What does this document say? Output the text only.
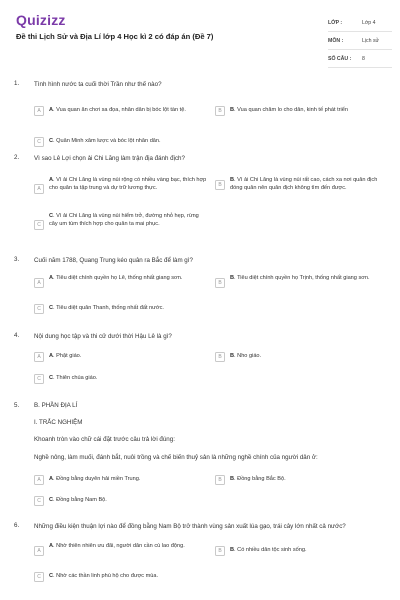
Quizizz
Đề thi Lịch Sử và Địa Lí lớp 4 Học kì 2 có đáp án (Đề 7)
LỚP :	Lớp 4
MÔN :	Lịch sử
SỐ CÂU :	8
1. Tình hình nước ta cuối thời Trần như thế nào?
A	A. Vua quan ăn chơi sa đọa, nhân dân bị bóc lột tàn tệ.	B	B. Vua quan chăm lo cho dân, kinh tế phát triển
C	C. Quân Minh xâm lược và bóc lột nhân dân.
2. Vì sao Lê Lợi chọn ải Chi Lăng làm trận địa đánh địch?
A
A. Vì ải Chi Lăng là vùng núi rộng có nhiều vàng bạc, thích hợp cho quân ta tập trung và dự trữ lương thực.	B
B. Vì ải Chi Lăng là vùng núi rất cao, cách xa nơi quân địch đóng quân nên quân địch không tìm đến được.
C
C. Vì ải Chi Lăng là vùng núi hiểm trở, đường nhỏ hẹp, rừng cây um tùm thích hợp cho quân ta mai phục.
3. Cuối năm 1788, Quang Trung kéo quân ra Bắc để làm gì?
A
A. Tiêu diệt chính quyền họ Lê, thống nhất giang sơn.
B
B. Tiêu diệt chính quyền họ Trịnh, thống nhất giang sơn.
C	C. Tiêu diệt quân Thanh, thống nhất đất nước.
4. Nội dung học tập và thi cử dưới thời Hậu Lê là gì?
A	A. Phật giáo.	B	B. Nho giáo.
C	C. Thiên chúa giáo.
5. B. PHẦN ĐỊA LÍ
I. TRẮC NGHIỆM
Khoanh tròn vào chữ cái đặt trước câu trả lời đúng:
Nghề nông, làm muối, đánh bắt, nuôi trồng và chế biến thuỷ sản là những nghề chính của người dân ở:
A	A. Đồng bằng duyên hải miền Trung.	B	B. Đồng bằng Bắc Bộ.
C	C. Đồng bằng Nam Bộ.
6. Những điều kiện thuận lợi nào để đồng bằng Nam Bộ trở thành vùng sản xuất lúa gạo, trái cây lớn nhất cả nước?
A
A. Nhờ thiên nhiên ưu đãi, người dân cần cù lao động.
B	B. Có nhiều dân tộc sinh sống.
C	C. Nhờ các thần linh phù hộ cho được mùa.
